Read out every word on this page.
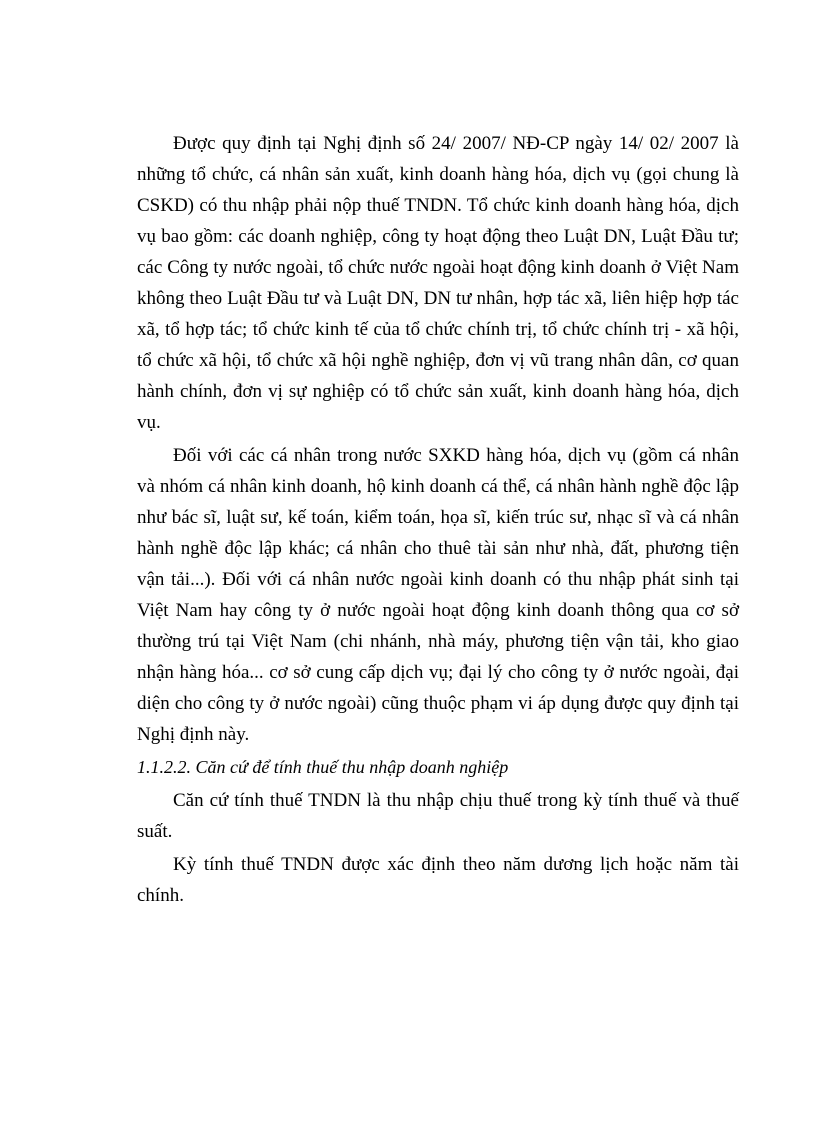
Được quy định tại Nghị định số 24/ 2007/ NĐ-CP ngày 14/ 02/ 2007 là những tổ chức, cá nhân sản xuất, kinh doanh hàng hóa, dịch vụ (gọi chung là CSKD) có thu nhập phải nộp thuế TNDN. Tổ chức kinh doanh hàng hóa, dịch vụ bao gồm: các doanh nghiệp, công ty hoạt động theo Luật DN, Luật Đầu tư; các Công ty nước ngoài, tổ chức nước ngoài hoạt động kinh doanh ở Việt Nam không theo Luật Đầu tư và Luật DN, DN tư nhân, hợp tác xã, liên hiệp hợp tác xã, tổ hợp tác; tổ chức kinh tế của tổ chức chính trị, tổ chức chính trị - xã hội, tổ chức xã hội, tổ chức xã hội nghề nghiệp, đơn vị vũ trang nhân dân, cơ quan hành chính, đơn vị sự nghiệp có tổ chức sản xuất, kinh doanh hàng hóa, dịch vụ.

Đối với các cá nhân trong nước SXKD hàng hóa, dịch vụ (gồm cá nhân và nhóm cá nhân kinh doanh, hộ kinh doanh cá thể, cá nhân hành nghề độc lập như bác sĩ, luật sư, kế toán, kiểm toán, họa sĩ, kiến trúc sư, nhạc sĩ và cá nhân hành nghề độc lập khác; cá nhân cho thuê tài sản như nhà, đất, phương tiện vận tải...). Đối với cá nhân nước ngoài kinh doanh có thu nhập phát sinh tại Việt Nam hay công ty ở nước ngoài hoạt động kinh doanh thông qua cơ sở thường trú tại Việt Nam (chi nhánh, nhà máy, phương tiện vận tải, kho giao nhận hàng hóa... cơ sở cung cấp dịch vụ; đại lý cho công ty ở nước ngoài, đại diện cho công ty ở nước ngoài) cũng thuộc phạm vi áp dụng được quy định tại Nghị định này.

1.1.2.2. Căn cứ để tính thuế thu nhập doanh nghiệp

Căn cứ tính thuế TNDN là thu nhập chịu thuế trong kỳ tính thuế và thuế suất.

Kỳ tính thuế TNDN được xác định theo năm dương lịch hoặc năm tài chính.
